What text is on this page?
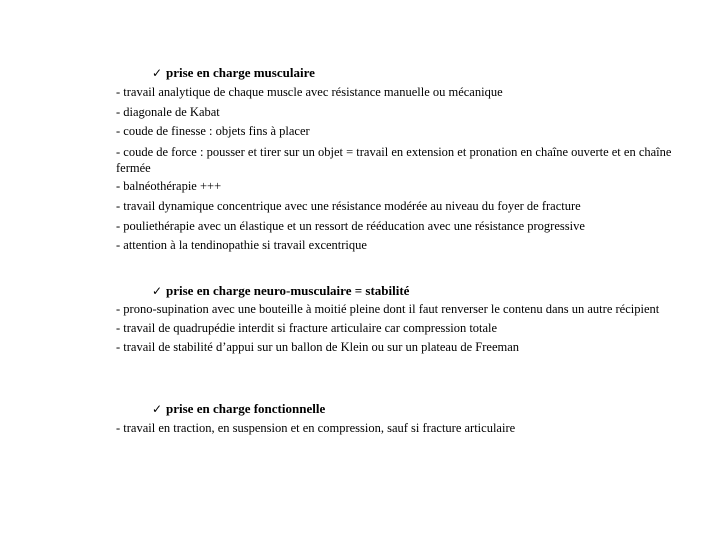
✓ prise en charge musculaire

- travail analytique de chaque muscle avec résistance manuelle ou mécanique

- diagonale de Kabat

- coude de finesse : objets fins à placer

- coude de force : pousser et tirer sur un objet = travail en extension et pronation en chaîne ouverte et en chaîne fermée

- balnéothérapie +++

- travail dynamique concentrique avec une résistance modérée au niveau du foyer de fracture

- pouliethérapie avec un élastique et un ressort de rééducation avec une résistance progressive

- attention à la tendinopathie si travail excentrique

✓ prise en charge neuro-musculaire = stabilité

- prono-supination avec une bouteille à moitié pleine dont il faut renverser le contenu dans un autre récipient

- travail de quadrupédie interdit si fracture articulaire car compression totale

- travail de stabilité d’appui sur un ballon de Klein ou sur un plateau de Freeman

✓ prise en charge fonctionnelle

- travail en traction, en suspension et en compression, sauf si fracture articulaire
